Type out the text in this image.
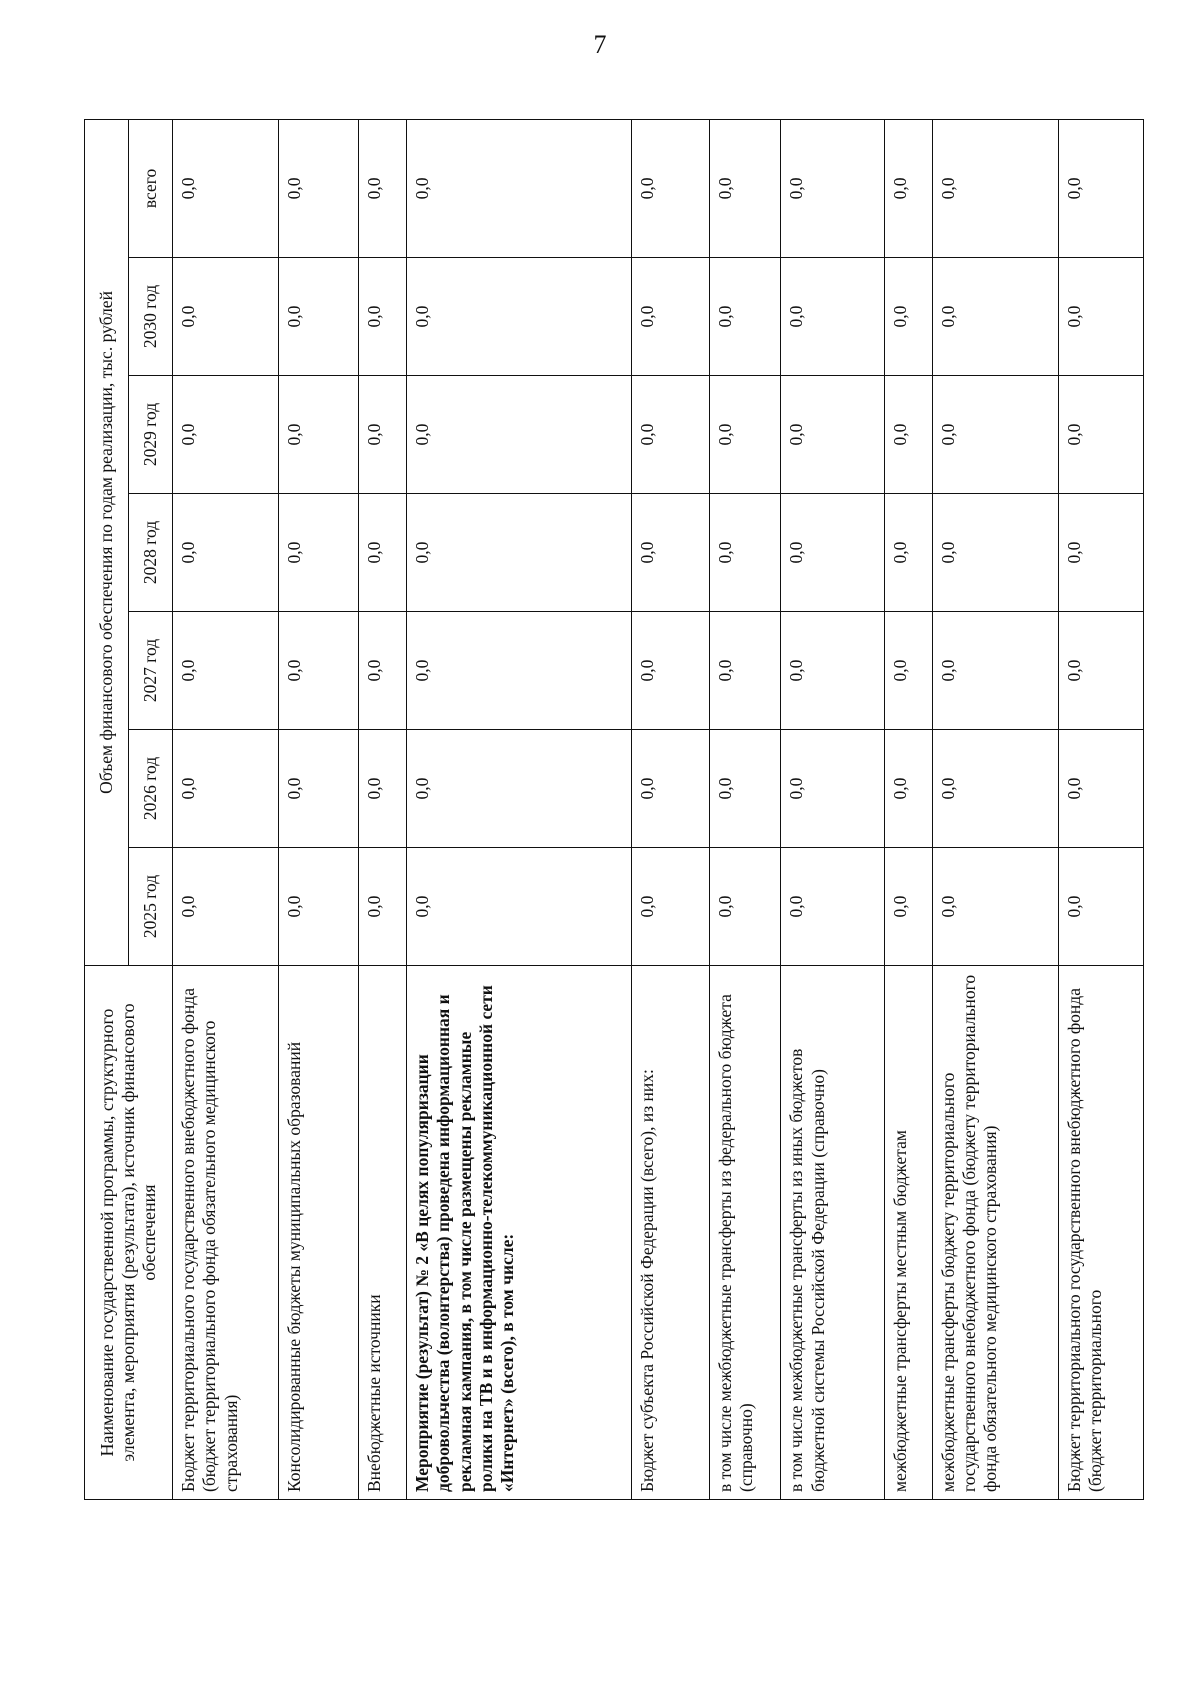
7
Наименование государственной программы, структурного элемента, мероприятия (результата), источник финансового обеспечения	Объем финансового обеспечения по годам реализации, тыс. рублей						
	2025 год	2026 год	2027 год	2028 год	2029 год	2030 год	всего
Бюджет территориального государственного внебюджетного фонда (бюджет территориального фонда обязательного медицинского страхования)	0,0	0,0	0,0	0,0	0,0	0,0	0,0
Консолидированные бюджеты муниципальных образований	0,0	0,0	0,0	0,0	0,0	0,0	0,0
Внебюджетные источники	0,0	0,0	0,0	0,0	0,0	0,0	0,0
Мероприятие (результат) № 2 «В целях популяризации добровольчества (волонтерства) проведена информационная и рекламная кампания, в том числе размещены рекламные ролики на ТВ и в информационно-телекоммуникационной сети «Интернет» (всего), в том числе:	0,0	0,0	0,0	0,0	0,0	0,0	0,0
Бюджет субъекта Российской Федерации (всего), из них:	0,0	0,0	0,0	0,0	0,0	0,0	0,0
в том числе межбюджетные трансферты из федерального бюджета (справочно)	0,0	0,0	0,0	0,0	0,0	0,0	0,0
в том числе межбюджетные трансферты из иных бюджетов бюджетной системы Российской Федерации (справочно)	0,0	0,0	0,0	0,0	0,0	0,0	0,0
межбюджетные трансферты местным бюджетам	0,0	0,0	0,0	0,0	0,0	0,0	0,0
межбюджетные трансферты бюджету территориального государственного внебюджетного фонда (бюджету территориального фонда обязательного медицинского страхования)	0,0	0,0	0,0	0,0	0,0	0,0	0,0
Бюджет территориального государственного внебюджетного фонда (бюджет территориального	0,0	0,0	0,0	0,0	0,0	0,0	0,0
